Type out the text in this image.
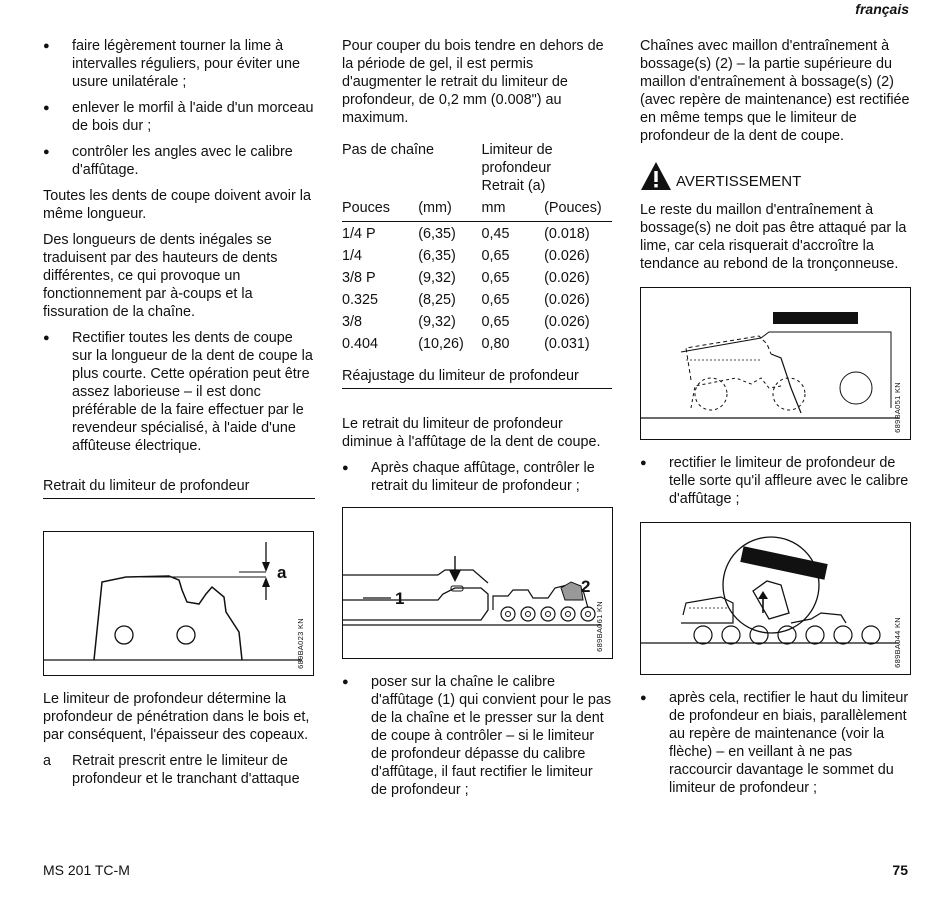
français
● faire légèrement tourner la lime à intervalles réguliers, pour éviter une usure unilatérale ;
● enlever le morfil à l'aide d'un morceau de bois dur ;
● contrôler les angles avec le calibre d'affûtage.

Toutes les dents de coupe doivent avoir la même longueur.

Des longueurs de dents inégales se traduisent par des hauteurs de dents différentes, ce qui provoque un fonctionnement par à-coups et la fissuration de la chaîne.

● Rectifier toutes les dents de coupe sur la longueur de la dent de coupe la plus courte. Cette opération peut être assez laborieuse – il est donc préférable de la faire effectuer par le revendeur spécialisé, à l'aide d'une affûteuse électrique.
Retrait du limiteur de profondeur
a
689BA023 KN

Le limiteur de profondeur détermine la profondeur de pénétration dans le bois et, par conséquent, l'épaisseur des copeaux.

a Retrait prescrit entre le limiteur de profondeur et le tranchant d'attaque

Pour couper du bois tendre en dehors de la période de gel, il est permis d'augmenter le retrait du limiteur de profondeur, de 0,2 mm (0.008") au maximum.

Pas de chaîne		Limiteur de profondeur	
		Retrait (a)	
Pouces	(mm)	mm	(Pouces)
1/4 P	(6,35)	0,45	(0.018)
1/4	(6,35)	0,65	(0.026)
3/8 P	(9,32)	0,65	(0.026)
0.325	(8,25)	0,65	(0.026)
3/8	(9,32)	0,65	(0.026)
0.404	(10,26)	0,80	(0.031)
Réajustage du limiteur de profondeur

Le retrait du limiteur de profondeur diminue à l'affûtage de la dent de coupe.

● Après chaque affûtage, contrôler le retrait du limiteur de profondeur ;
1
2
689BA061 KN
● poser sur la chaîne le calibre d'affûtage (1) qui convient pour le pas de la chaîne et le presser sur la dent de coupe à contrôler – si le limiteur de profondeur dépasse du calibre d'affûtage, il faut rectifier le limiteur de profondeur ;

Chaînes avec maillon d'entraînement à bossage(s) (2) – la partie supérieure du maillon d'entraînement à bossage(s) (2) (avec repère de maintenance) est rectifiée en même temps que le limiteur de profondeur de la dent de coupe.

AVERTISSEMENT

Le reste du maillon d'entraînement à bossage(s) ne doit pas être attaqué par la lime, car cela risquerait d'accroître la tendance au rebond de la tronçonneuse.

689BA051 KN
● rectifier le limiteur de profondeur de telle sorte qu'il affleure avec le calibre d'affûtage ;
689BA044 KN
● après cela, rectifier le haut du limiteur de profondeur en biais, parallèlement au repère de maintenance (voir la flèche) – en veillant à ne pas raccourcir davantage le sommet du limiteur de profondeur ;
MS 201 TC-M	75
